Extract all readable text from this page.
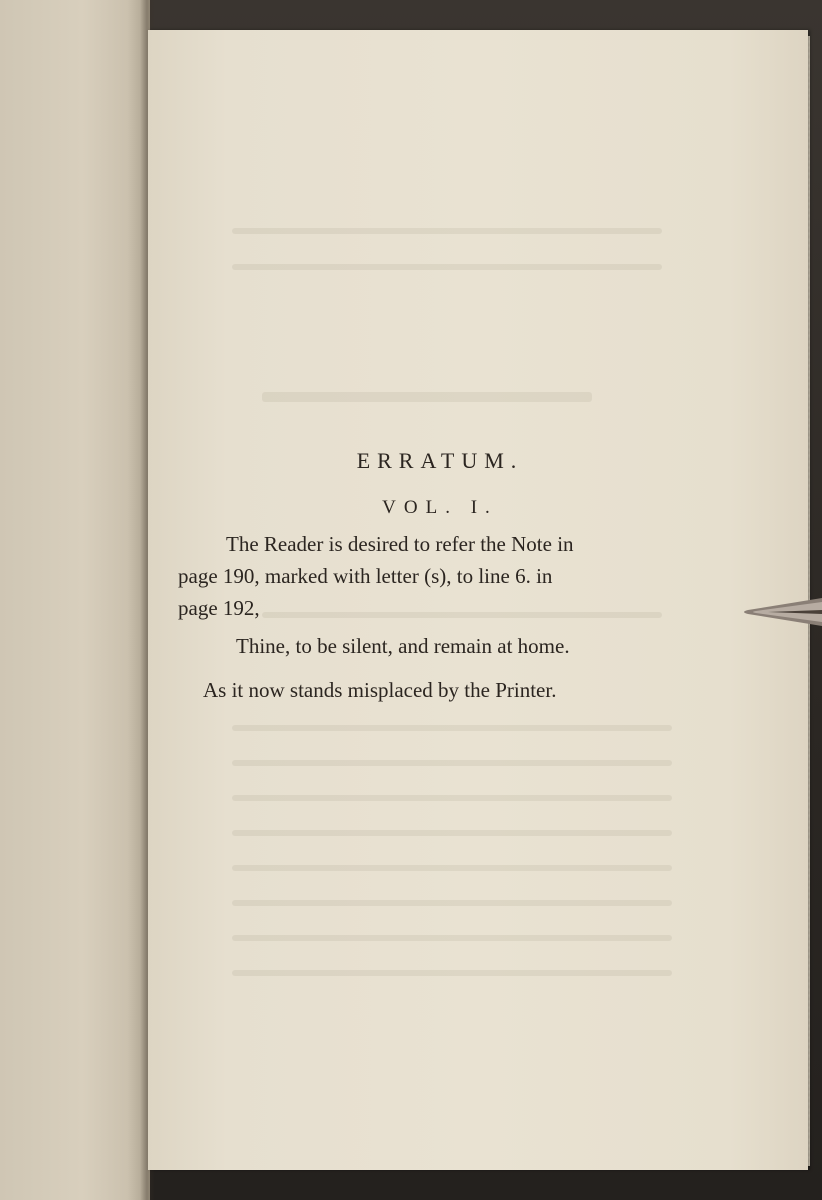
ERRATUM.
VOL. I.
The Reader is desired to refer the Note in
page 190, marked with letter (s), to line 6. in
page 192,
Thine, to be silent, and remain at home.
As it now stands misplaced by the Printer.
